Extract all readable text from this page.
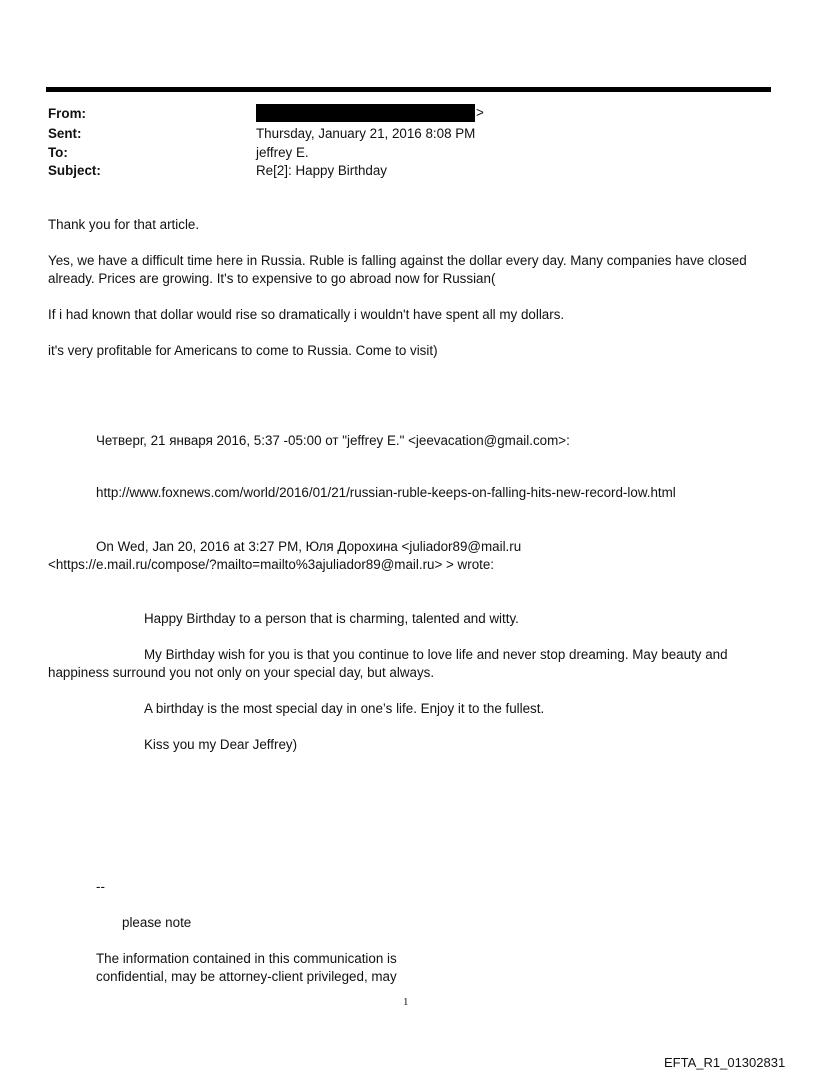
From:	>
Sent:	Thursday, January 21, 2016 8:08 PM
To:	jeffrey E.
Subject:	Re[2]: Happy Birthday
Thank you for that article.
Yes, we have a difficult time here in Russia. Ruble is falling against the dollar every day. Many companies have closed
already. Prices are growing. It's to expensive to go abroad now for Russian(
If i had known that dollar would rise so dramatically i wouldn't have spent all my dollars.
it's very profitable for Americans to come to Russia. Come to visit)
Четверг, 21 января 2016, 5:37 -05:00 от "jeffrey E." <jeevacation@gmail.com>:
http://www.foxnews.com/world/2016/01/21/russian-ruble-keeps-on-falling-hits-new-record-low.html
On Wed, Jan 20, 2016 at 3:27 PM, Юля Дорохина <juliador89@mail.ru
<https://e.mail.ru/compose/?mailto=mailto%3ajuliador89@mail.ru> > wrote:
Happy Birthday to a person that is charming, talented and witty.
My Birthday wish for you is that you continue to love life and never stop dreaming. May beauty and
happiness surround you not only on your special day, but always.
A birthday is the most special day in one’s life. Enjoy it to the fullest.
Kiss you my Dear Jeffrey)
--
please note
The information contained in this communication is
confidential, may be attorney-client privileged, may
1
EFTA_R1_01302831
